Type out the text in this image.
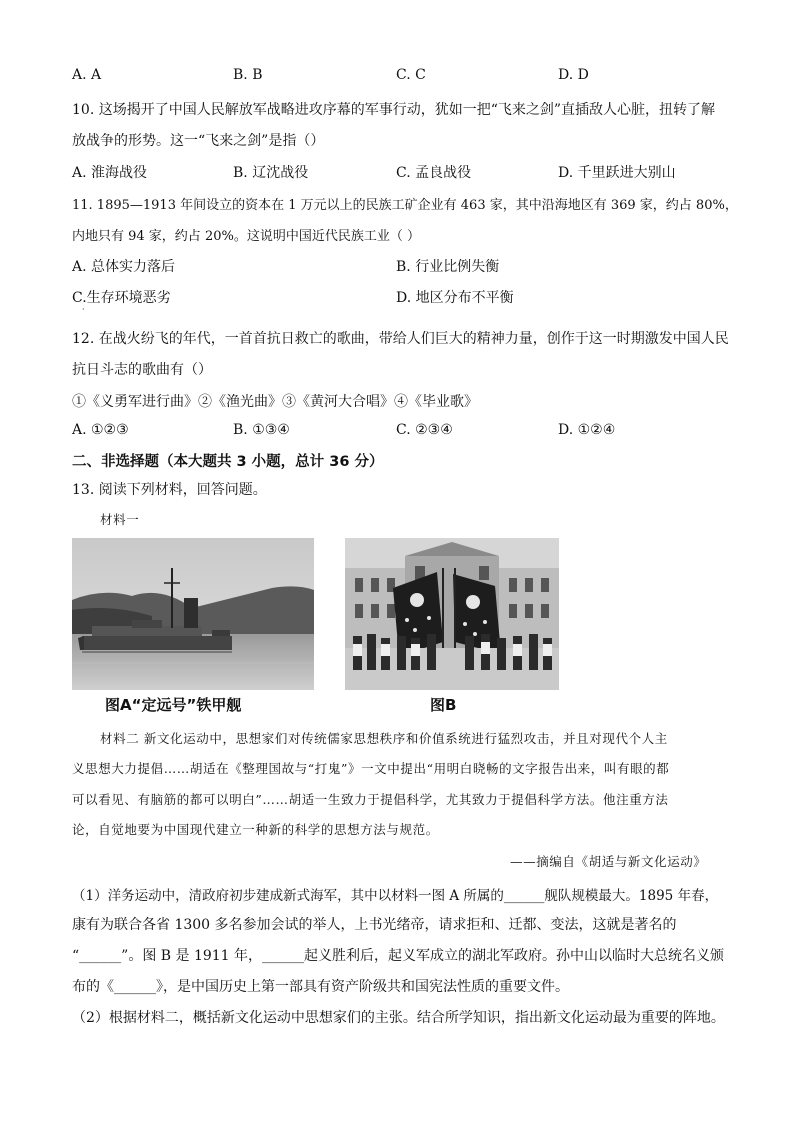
A. A	B. B	C. C	D. D
10. 这场揭开了中国人民解放军战略进攻序幕的军事行动，犹如一把“飞来之剑”直插敌人心脏，扭转了解
放战争的形势。这一“飞来之剑”是指（）
A. 淮海战役	B. 辽沈战役	C. 孟良战役	D. 千里跃进大别山
11. 1895—1913 年间设立的资本在 1 万元以上的民族工矿企业有 463 家，其中沿海地区有 369 家，约占 80%，
内地只有 94 家，约占 20%。这说明中国近代民族工业（ ）
A. 总体实力落后	B. 行业比例失衡
C.生存环境恶劣	D. 地区分布不平衡
·
12. 在战火纷飞的年代，一首首抗日救亡的歌曲，带给人们巨大的精神力量，创作于这一时期激发中国人民
抗日斗志的歌曲有（）
①《义勇军进行曲》②《渔光曲》③《黄河大合唱》④《毕业歌》
A. ①②③	B. ①③④	C. ②③④	D. ①②④
二、非选择题（本大题共 3 小题，总计 36 分）
13. 阅读下列材料，回答问题。
材料一
图A“定远号”铁甲舰	图B
材料二 新文化运动中，思想家们对传统儒家思想秩序和价值系统进行猛烈攻击，并且对现代个人主
义思想大力提倡……胡适在《整理国故与“打鬼”》一文中提出“用明白晓畅的文字报告出来，叫有眼的都
可以看见、有脑筋的都可以明白”……胡适一生致力于提倡科学，尤其致力于提倡科学方法。他注重方法
论，自觉地要为中国现代建立一种新的科学的思想方法与规范。
——摘编自《胡适与新文化运动》
（1）洋务运动中，清政府初步建成新式海军，其中以材料一图 A 所属的______舰队规模最大。1895 年春，
康有为联合各省 1300 多名参加会试的举人，上书光绪帝，请求拒和、迁都、变法，这就是著名的
“______”。图 B 是 1911 年，______起义胜利后，起义军成立的湖北军政府。孙中山以临时大总统名义颁
布的《______》，是中国历史上第一部具有资产阶级共和国宪法性质的重要文件。
（2）根据材料二，概括新文化运动中思想家们的主张。结合所学知识，指出新文化运动最为重要的阵地。
